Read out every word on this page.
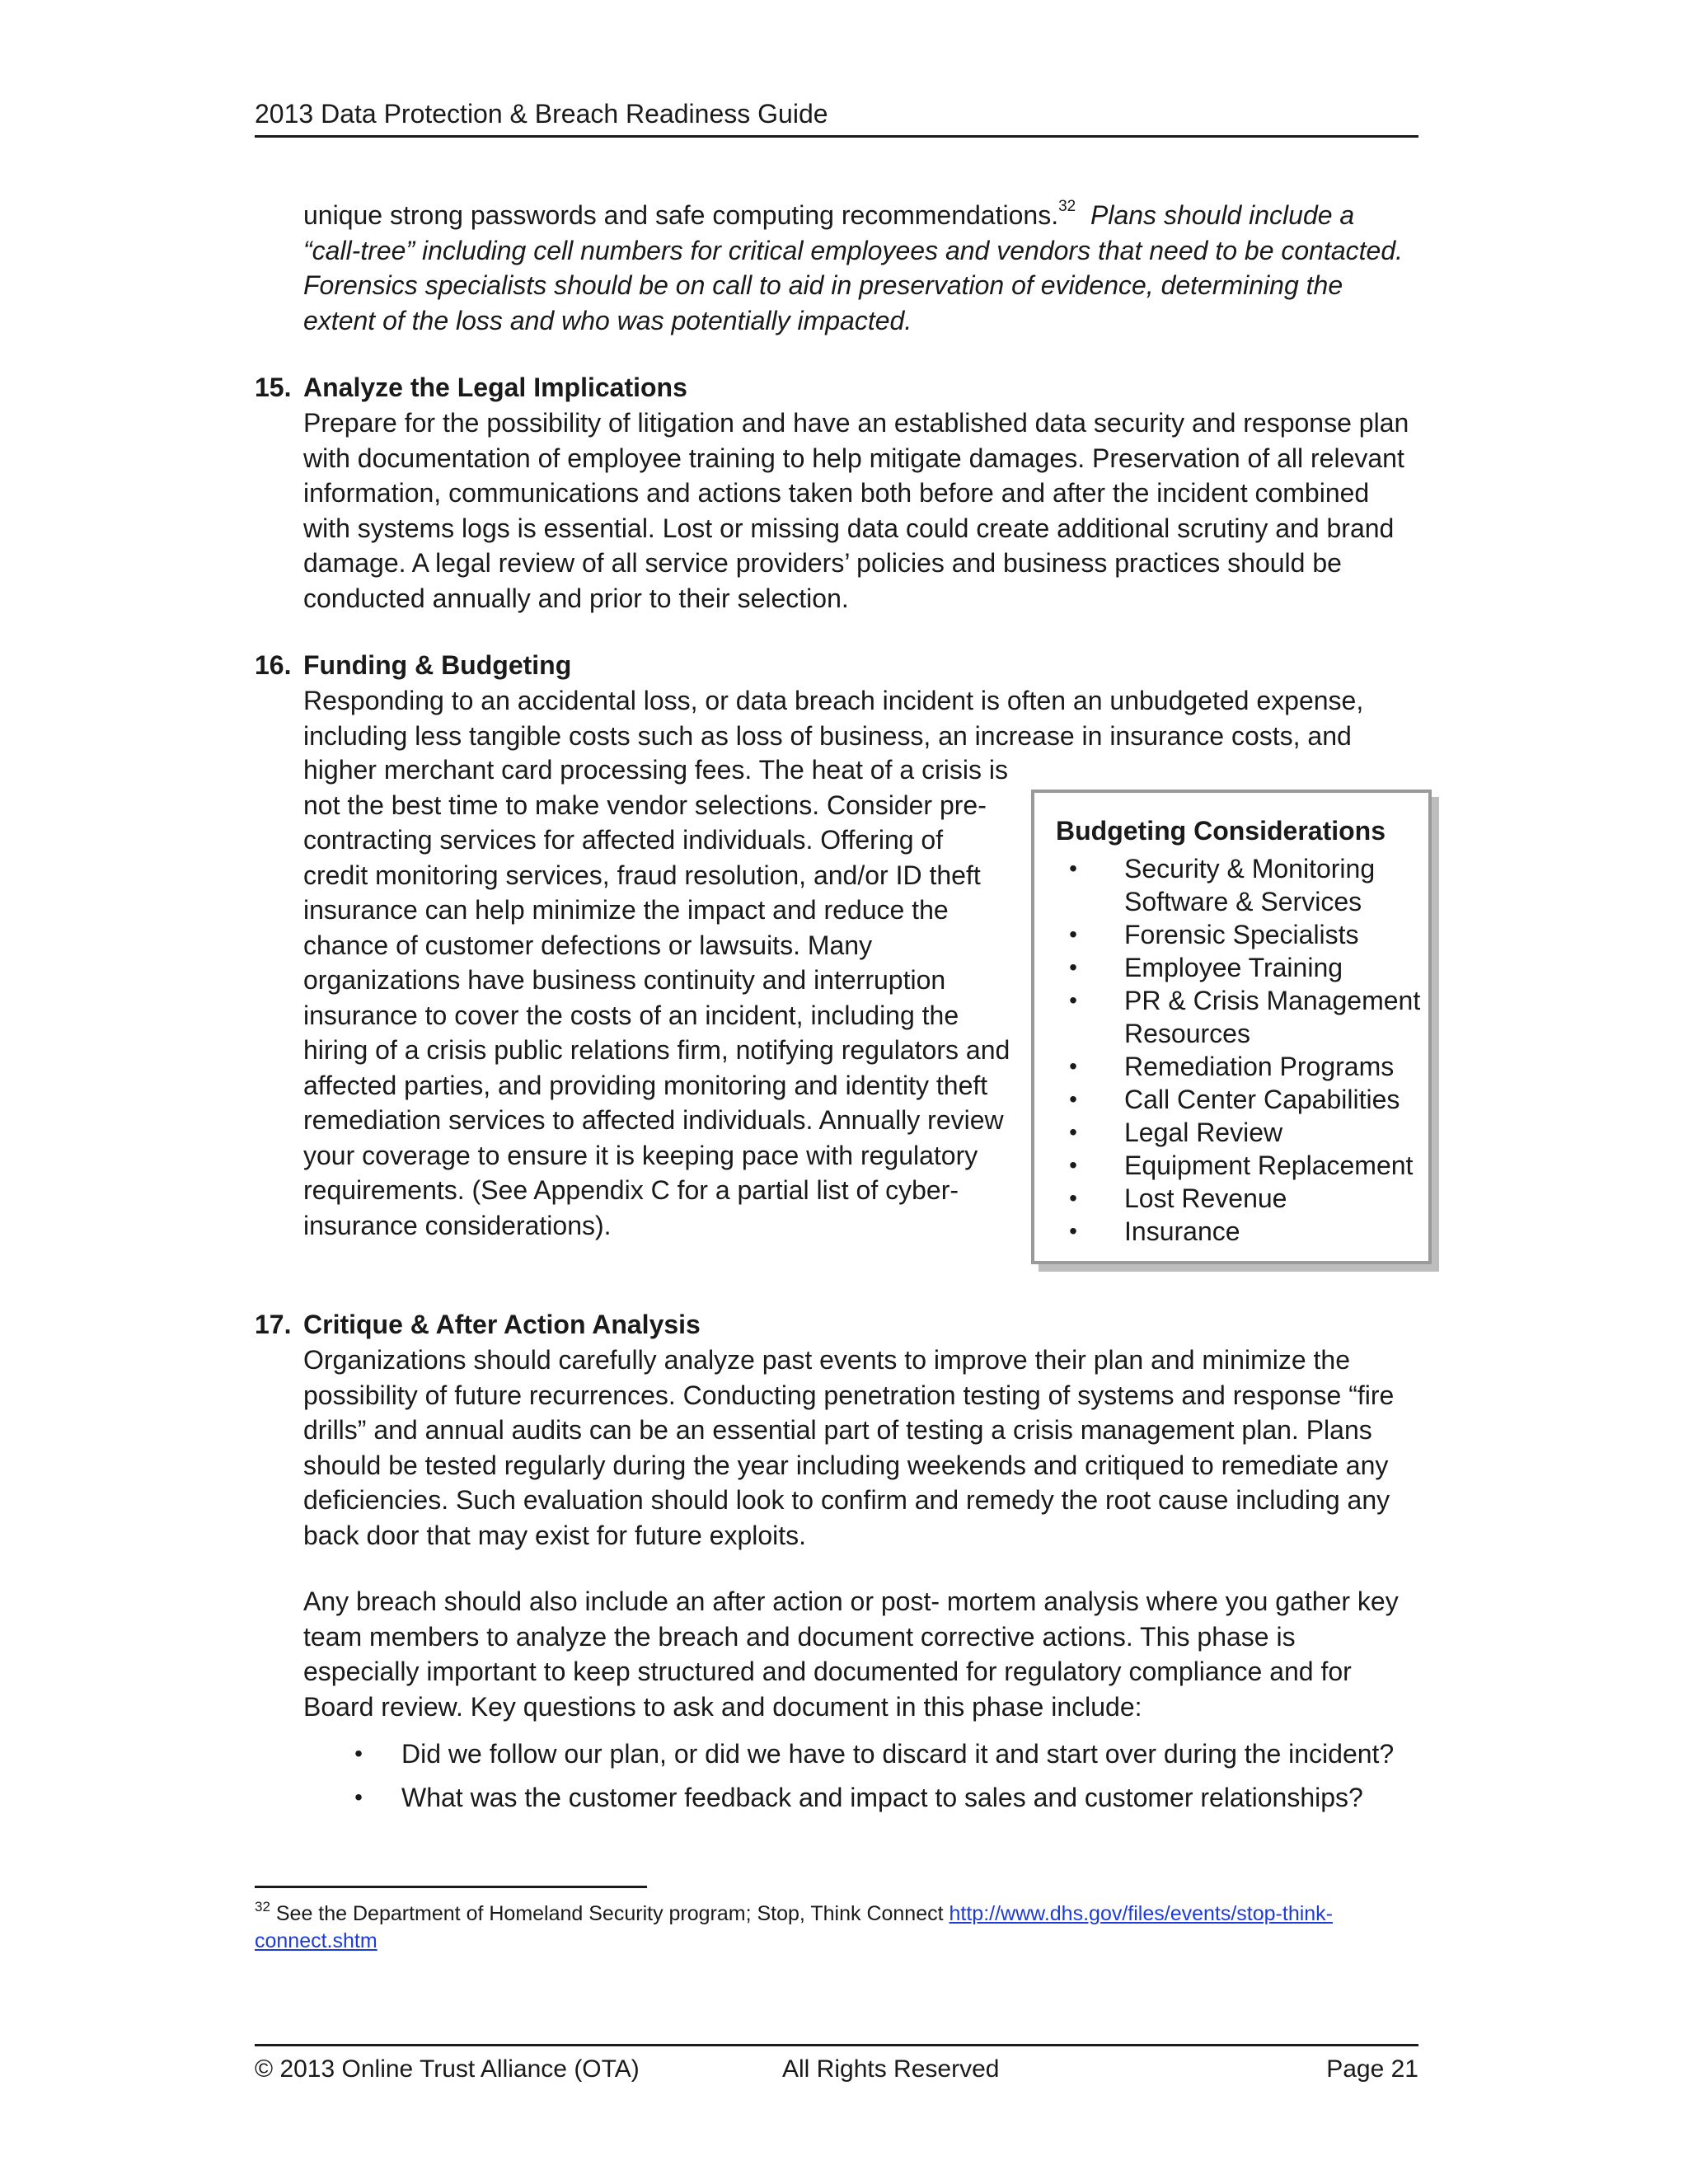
2013 Data Protection & Breach Readiness Guide

unique strong passwords and safe computing recommendations.$^{32}$ Plans should include a “call-tree” including cell numbers for critical employees and vendors that need to be contacted. Forensics specialists should be on call to aid in preservation of evidence, determining the extent of the loss and who was potentially impacted.

15. Analyze the Legal Implications

Prepare for the possibility of litigation and have an established data security and response plan with documentation of employee training to help mitigate damages. Preservation of all relevant information, communications and actions taken both before and after the incident combined with systems logs is essential. Lost or missing data could create additional scrutiny and brand damage. A legal review of all service providers’ policies and business practices should be conducted annually and prior to their selection.

16. Funding & Budgeting

Responding to an accidental loss, or data breach incident is often an unbudgeted expense, including less tangible costs such as loss of business, an increase in insurance costs, and

higher merchant card processing fees. The heat of a crisis is not the best time to make vendor selections. Consider pre-contracting services for affected individuals. Offering of credit monitoring services, fraud resolution, and/or ID theft insurance can help minimize the impact and reduce the chance of customer defections or lawsuits. Many organizations have business continuity and interruption insurance to cover the costs of an incident, including the hiring of a crisis public relations firm, notifying regulators and affected parties, and providing monitoring and identity theft remediation services to affected individuals. Annually review your coverage to ensure it is keeping pace with regulatory requirements. (See Appendix C for a partial list of cyber-insurance considerations).

Budgeting Considerations
•	Security & Monitoring Software & Services
•	Forensic Specialists
•	Employee Training
•	PR & Crisis Management Resources
•	Remediation Programs
•	Call Center Capabilities
•	Legal Review
•	Equipment Replacement
•	Lost Revenue
•	Insurance
17. Critique & After Action Analysis

Organizations should carefully analyze past events to improve their plan and minimize the possibility of future recurrences. Conducting penetration testing of systems and response “fire drills” and annual audits can be an essential part of testing a crisis management plan. Plans should be tested regularly during the year including weekends and critiqued to remediate any deficiencies. Such evaluation should look to confirm and remedy the root cause including any back door that may exist for future exploits.

Any breach should also include an after action or post- mortem analysis where you gather key team members to analyze the breach and document corrective actions. This phase is especially important to keep structured and documented for regulatory compliance and for Board review. Key questions to ask and document in this phase include:

•	Did we follow our plan, or did we have to discard it and start over during the incident?
•	What was the customer feedback and impact to sales and customer relationships?
$^{32}$ See the Department of Homeland Security program; Stop, Think Connect http://www.dhs.gov/files/events/stop-think-connect.shtm
© 2013 Online Trust Alliance (OTA)	All Rights Reserved	Page 21
